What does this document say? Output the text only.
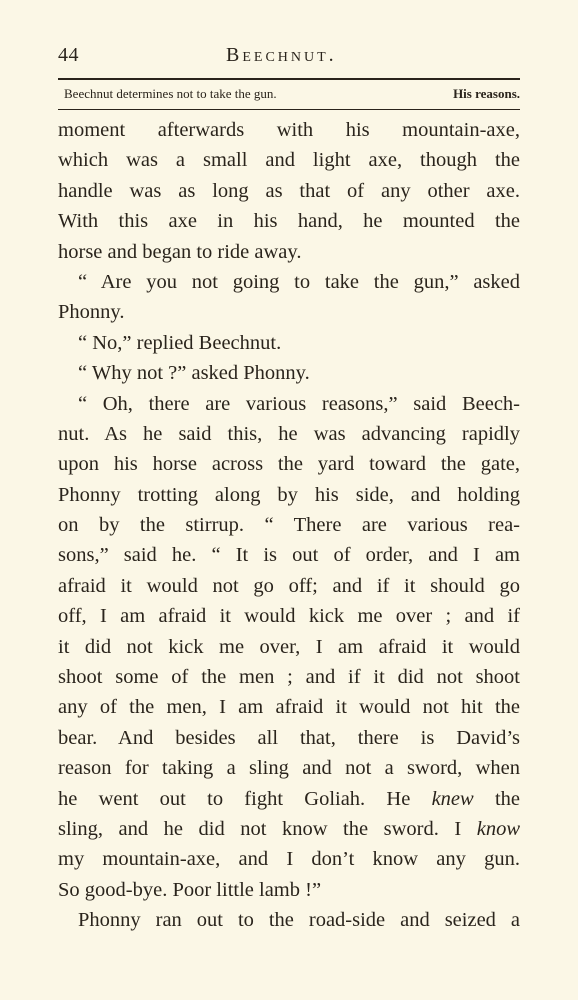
44	Beechnut.
Beechnut determines not to take the gun.	His reasons.
moment afterwards with his mountain-axe,
which was a small and light axe, though the
handle was as long as that of any other axe.
With this axe in his hand, he mounted the
horse and began to ride away.
“ Are you not going to take the gun,” asked
Phonny.
“ No,” replied Beechnut.
“ Why not ?” asked Phonny.
“ Oh, there are various reasons,” said Beech-
nut. As he said this, he was advancing rapidly
upon his horse across the yard toward the gate,
Phonny trotting along by his side, and holding
on by the stirrup. “ There are various rea-
sons,” said he. “ It is out of order, and I am
afraid it would not go off; and if it should go
off, I am afraid it would kick me over ; and if
it did not kick me over, I am afraid it would
shoot some of the men ; and if it did not shoot
any of the men, I am afraid it would not hit the
bear. And besides all that, there is David’s
reason for taking a sling and not a sword, when
he went out to fight Goliah. He knew the
sling, and he did not know the sword. I know
my mountain-axe, and I don’t know any gun.
So good-bye. Poor little lamb !”
Phonny ran out to the road-side and seized a
